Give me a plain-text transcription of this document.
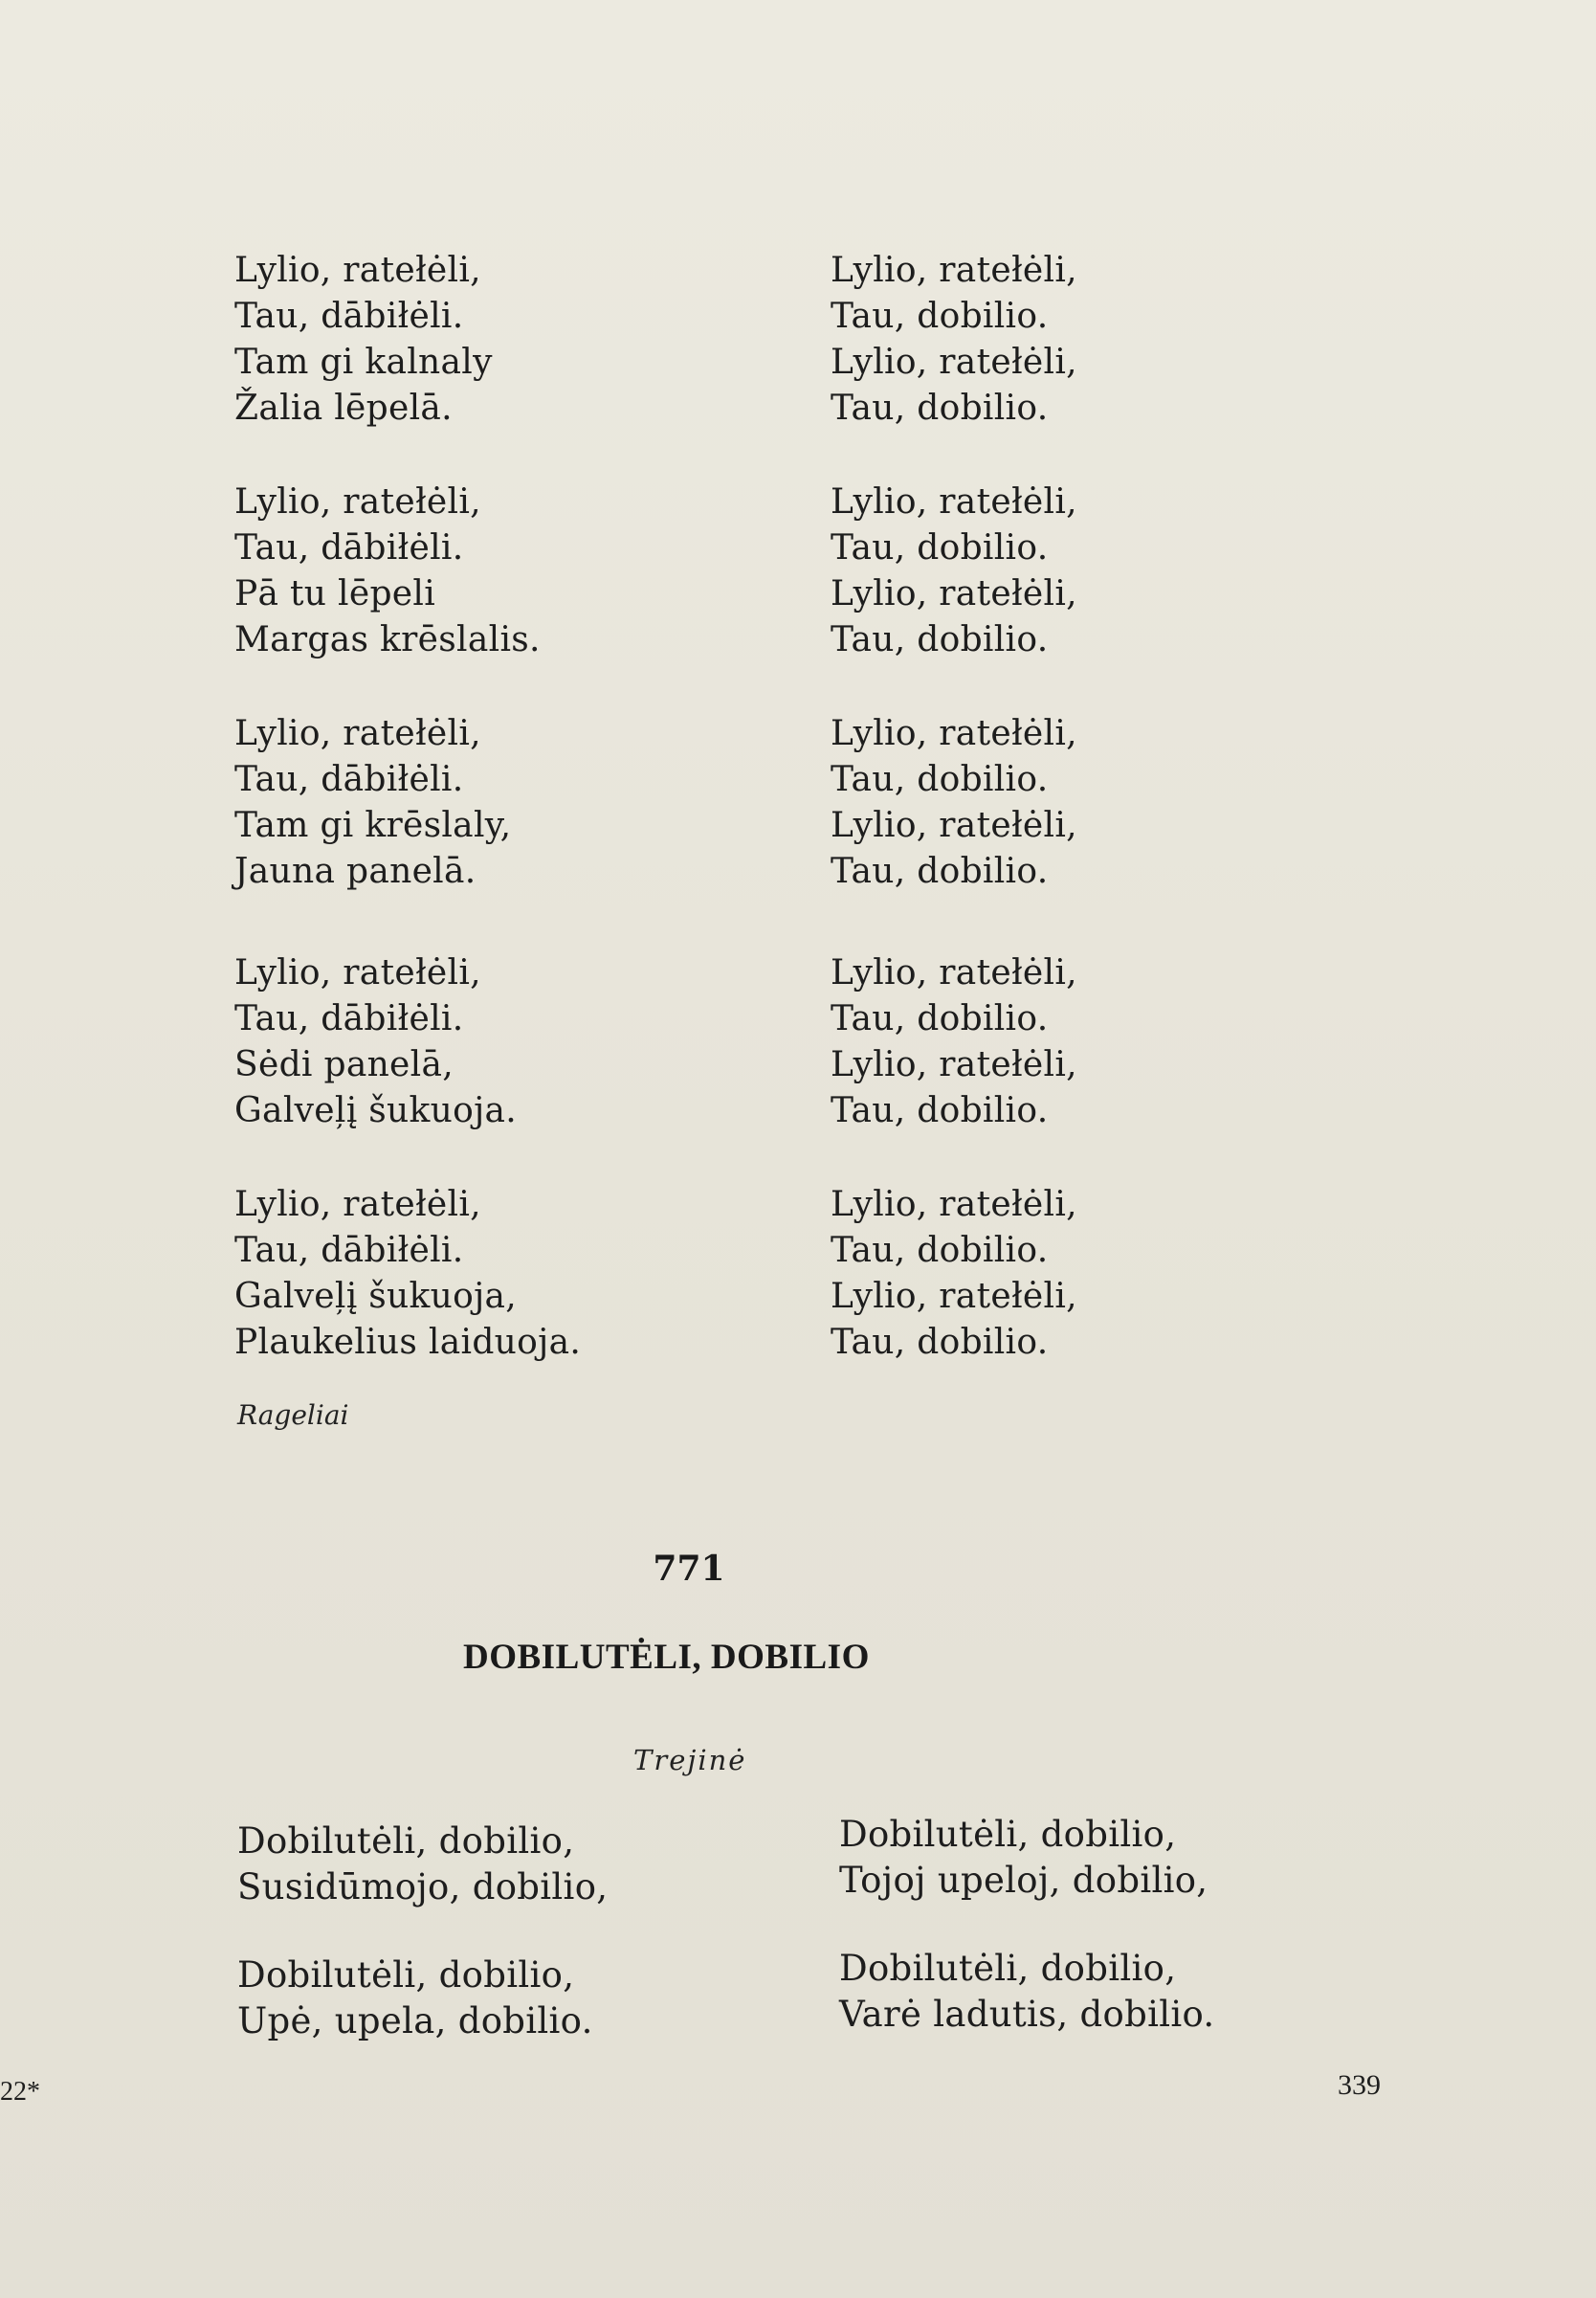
Lylio, ratełėli,
Tau, dābiłėli.
Tam gi kalnaly
Žalia lēpelā.
Lylio, ratełėli,
Tau, dābiłėli.
Pā tu lēpeli
Margas krēslalis.
Lylio, ratełėli,
Tau, dābiłėli.
Tam gi krēslaly,
Jauna panelā.
Lylio, ratełėli,
Tau, dābiłėli.
Sėdi panelā,
Galveļį šukuoja.
Lylio, ratełėli,
Tau, dābiłėli.
Galveļį šukuoja,
Plaukelius laiduoja.
Lylio, ratełėli,
Tau, dobilio.
Lylio, ratełėli,
Tau, dobilio.
Lylio, ratełėli,
Tau, dobilio.
Lylio, ratełėli,
Tau, dobilio.
Lylio, ratełėli,
Tau, dobilio.
Lylio, ratełėli,
Tau, dobilio.
Lylio, ratełėli,
Tau, dobilio.
Lylio, ratełėli,
Tau, dobilio.
Lylio, ratełėli,
Tau, dobilio.
Lylio, ratełėli,
Tau, dobilio.
Rageliai
771
DOBILUTĖLI, DOBILIO
Trejinė
Dobilutėli, dobilio,
Susidūmojo, dobilio,
Dobilutėli, dobilio,
Upė, upela, dobilio.
Dobilutėli, dobilio,
Tojoj upeloj, dobilio,
Dobilutėli, dobilio,
Varė ladutis, dobilio.
22*	339
